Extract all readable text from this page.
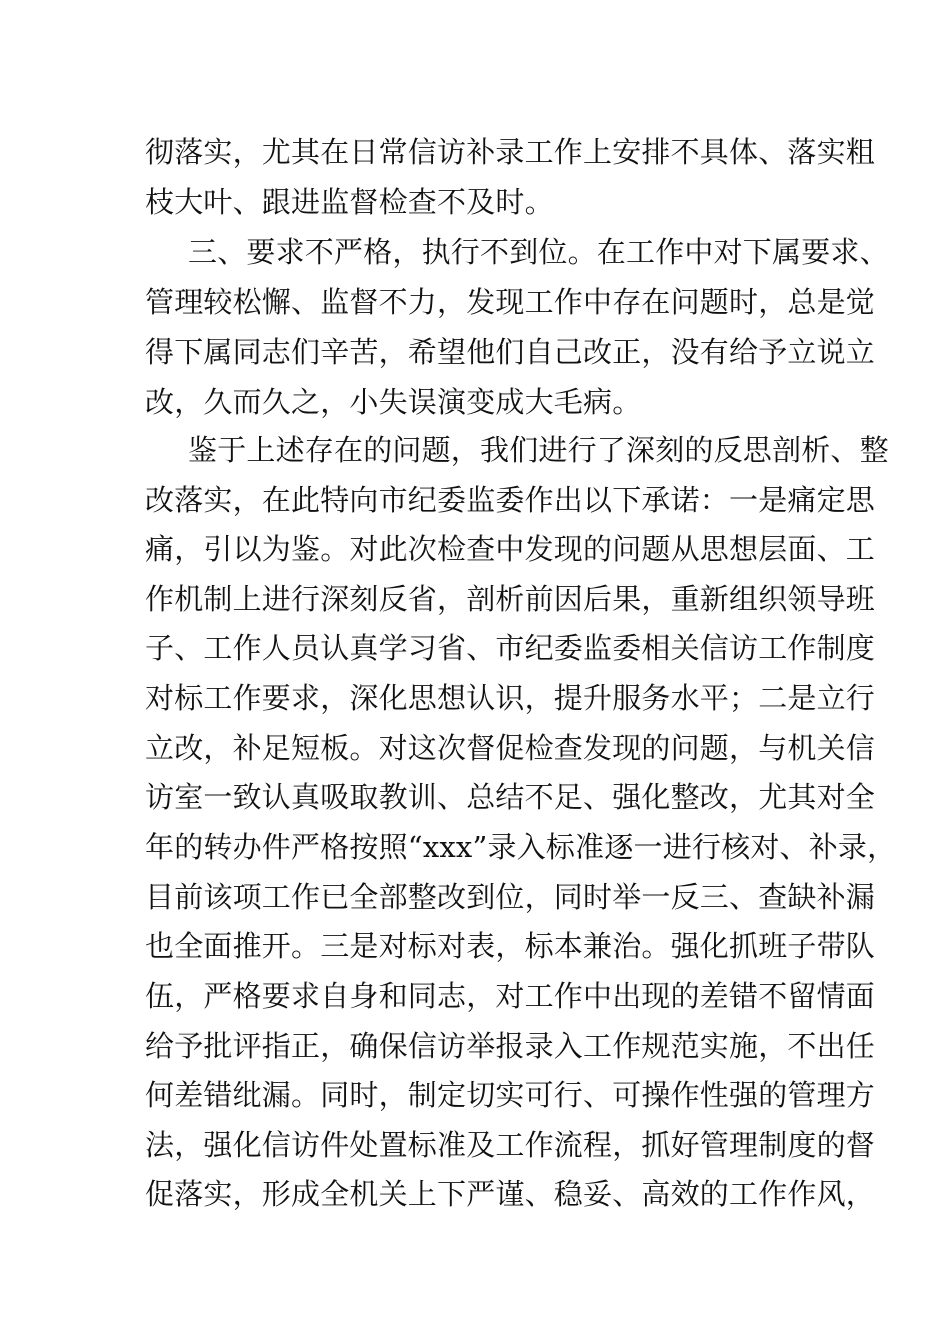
彻落实，尤其在日常信访补录工作上安排不具体、落实粗
枝大叶、跟进监督检查不及时。
三、要求不严格，执行不到位。在工作中对下属要求、
管理较松懈、监督不力，发现工作中存在问题时，总是觉
得下属同志们辛苦，希望他们自己改正，没有给予立说立
改，久而久之，小失误演变成大毛病。
鉴于上述存在的问题，我们进行了深刻的反思剖析、整
改落实，在此特向市纪委监委作出以下承诺：一是痛定思
痛，引以为鉴。对此次检查中发现的问题从思想层面、工
作机制上进行深刻反省，剖析前因后果，重新组织领导班
子、工作人员认真学习省、市纪委监委相关信访工作制度
对标工作要求，深化思想认识，提升服务水平；二是立行
立改，补足短板。对这次督促检查发现的问题，与机关信
访室一致认真吸取教训、总结不足、强化整改，尤其对全
年的转办件严格按照“xxx”录入标准逐一进行核对、补录，
目前该项工作已全部整改到位，同时举一反三、查缺补漏
也全面推开。三是对标对表，标本兼治。强化抓班子带队
伍，严格要求自身和同志，对工作中出现的差错不留情面
给予批评指正，确保信访举报录入工作规范实施，不出任
何差错纰漏。同时，制定切实可行、可操作性强的管理方
法，强化信访件处置标准及工作流程，抓好管理制度的督
促落实，形成全机关上下严谨、稳妥、高效的工作作风，
